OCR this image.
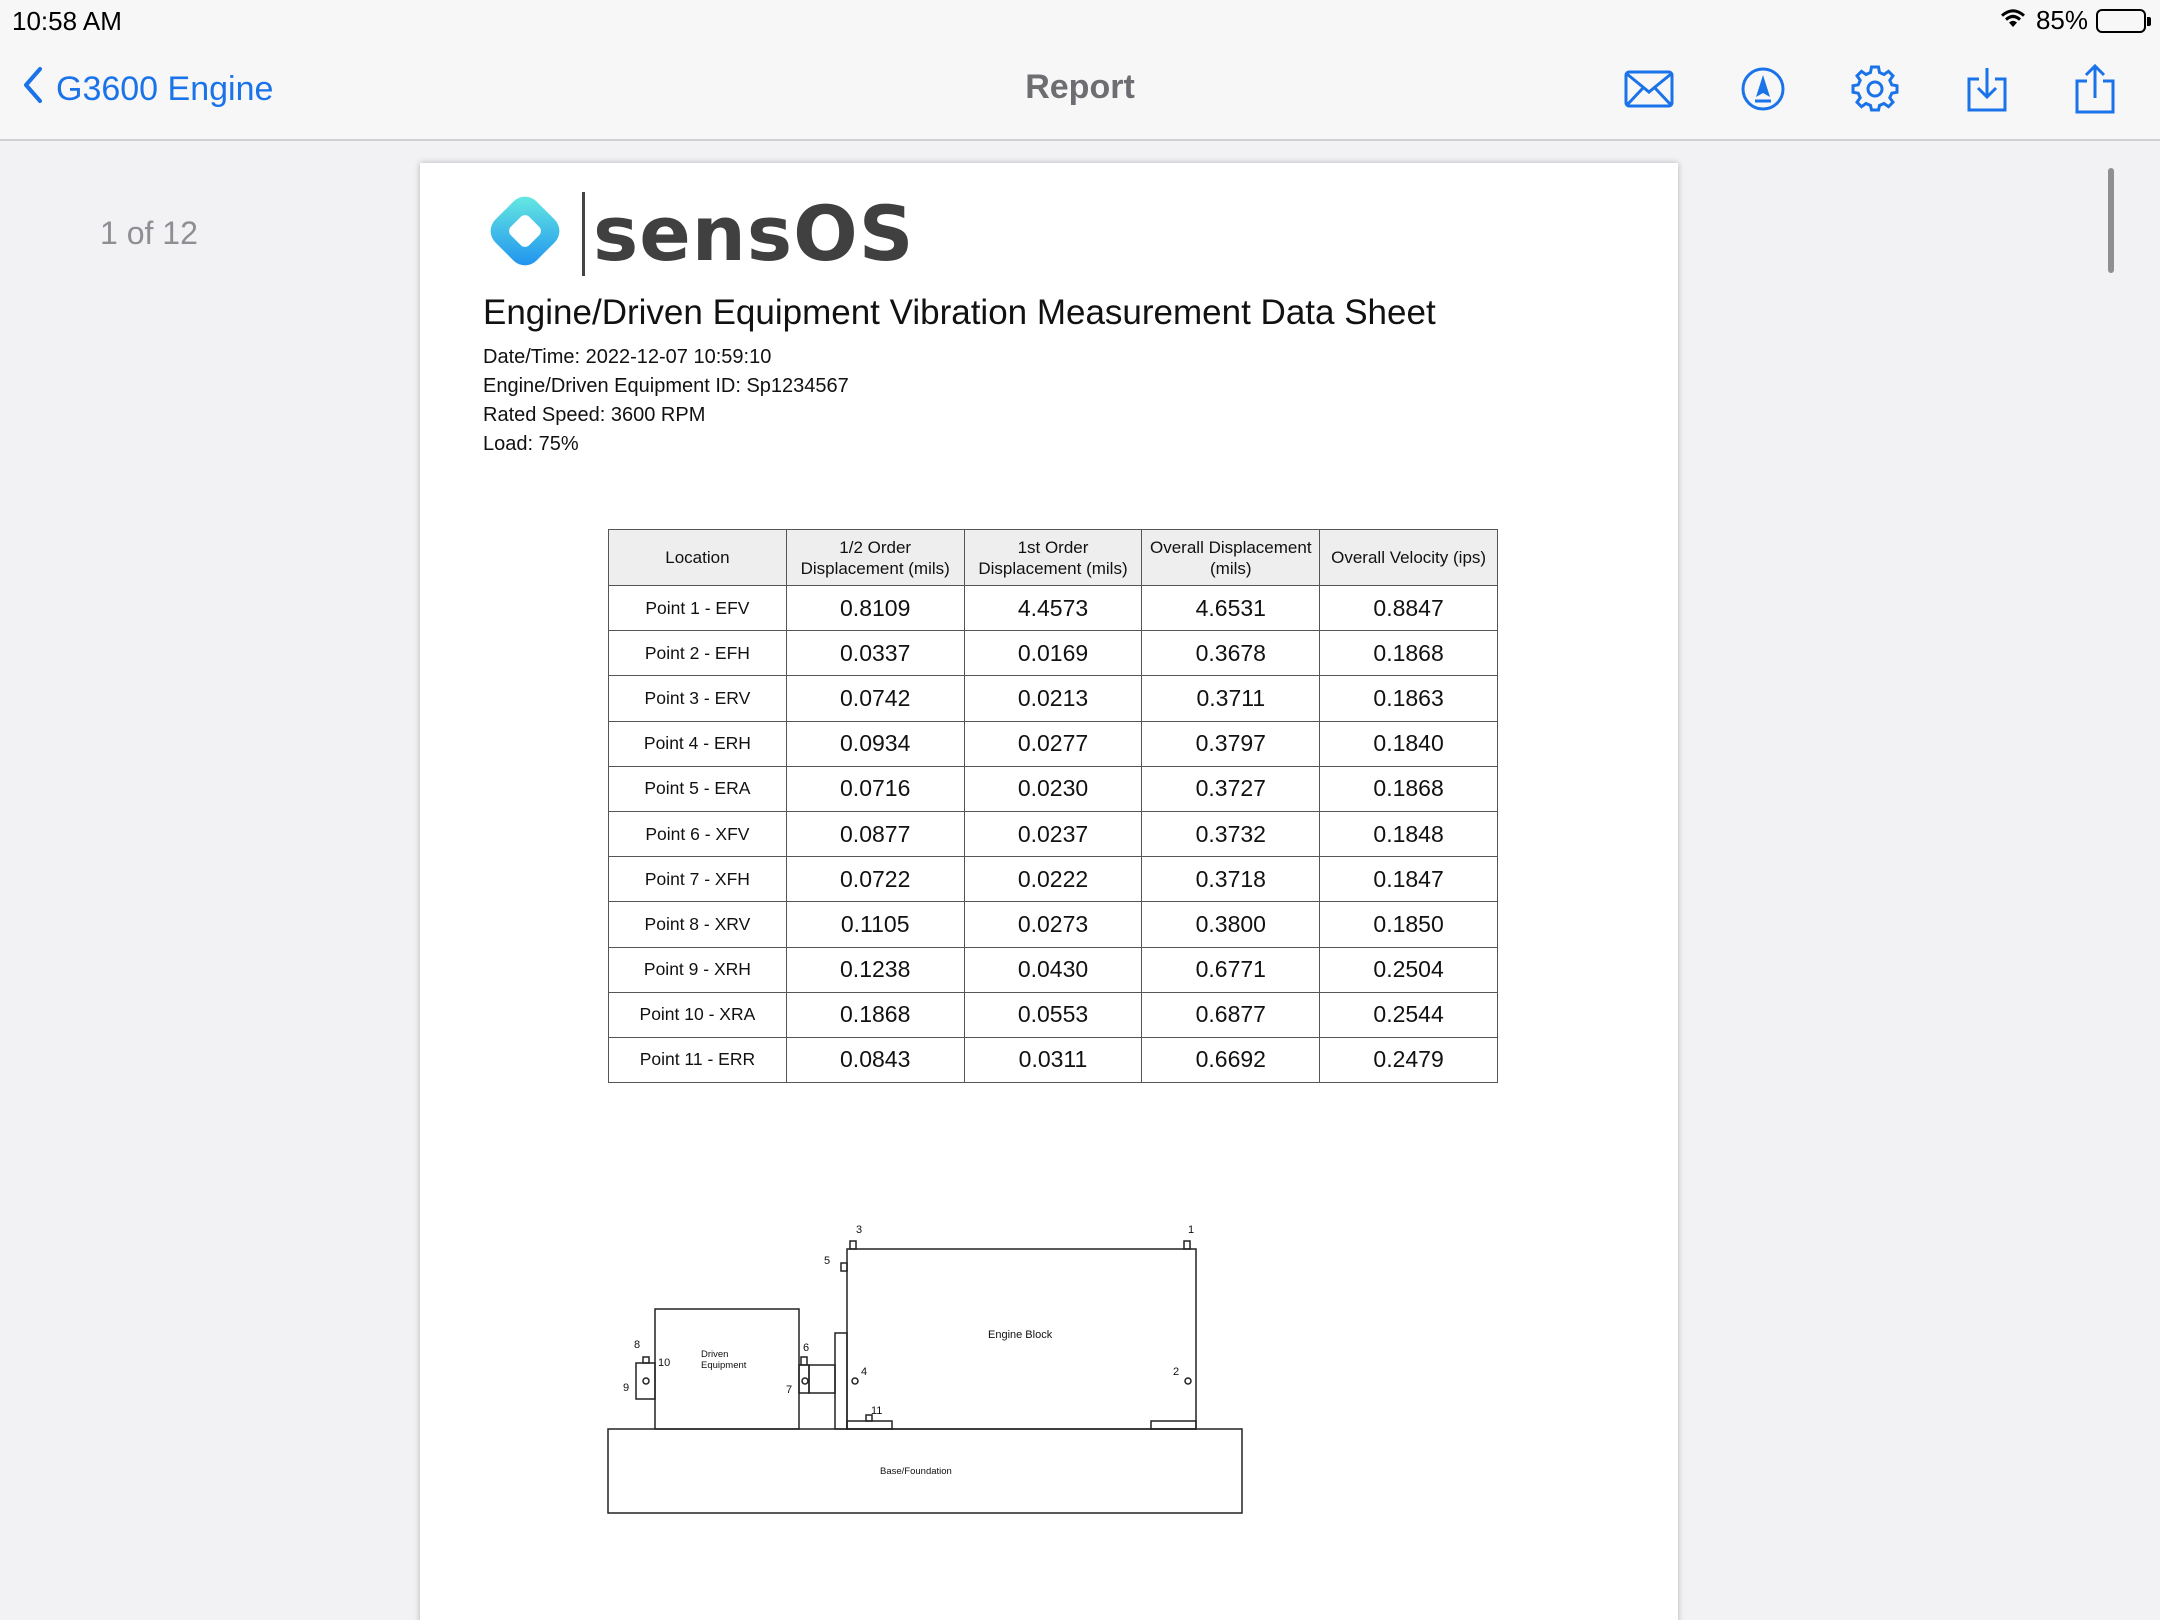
10:58 AM	85%
G3600 Engine	Report
1 of 12	sensOS
Engine/Driven Equipment Vibration Measurement Data Sheet
Date/Time: 2022-12-07 10:59:10
Engine/Driven Equipment ID: Sp1234567
Rated Speed: 3600 RPM
Load: 75%
Location	1/2 Order Displacement (mils)	1st Order Displacement (mils)	Overall Displacement (mils)	Overall Velocity (ips)
Point 1 - EFV	0.8109	4.4573	4.6531	0.8847
Point 2 - EFH	0.0337	0.0169	0.3678	0.1868
Point 3 - ERV	0.0742	0.0213	0.3711	0.1863
Point 4 - ERH	0.0934	0.0277	0.3797	0.1840
Point 5 - ERA	0.0716	0.0230	0.3727	0.1868
Point 6 - XFV	0.0877	0.0237	0.3732	0.1848
Point 7 - XFH	0.0722	0.0222	0.3718	0.1847
Point 8 - XRV	0.1105	0.0273	0.3800	0.1850
Point 9 - XRH	0.1238	0.0430	0.6771	0.2504
Point 10 - XRA	0.1868	0.0553	0.6877	0.2544
Point 11 - ERR	0.0843	0.0311	0.6692	0.2479
Engine Block
Driven
Equipment
Base/Foundation
1
2
3
4
5
6
7
8
9
10
11
